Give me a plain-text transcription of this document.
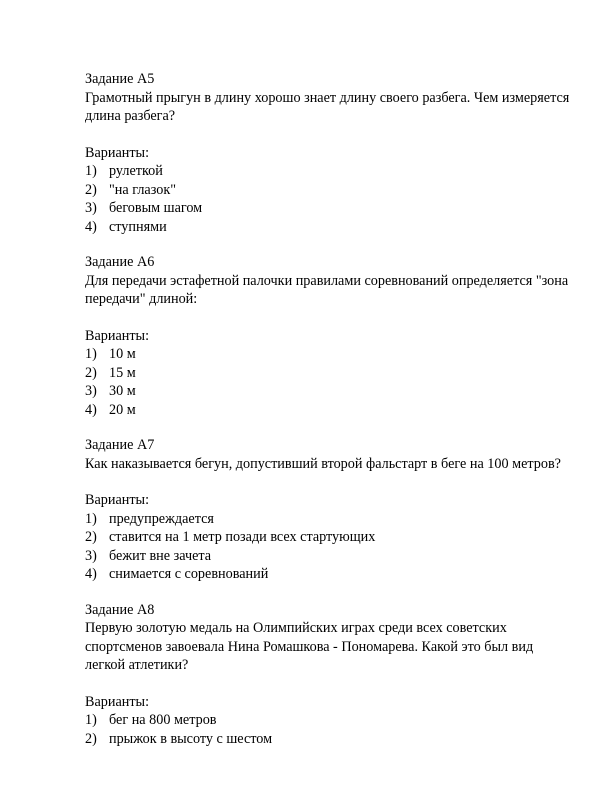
Задание А5

Грамотный прыгун в длину хорошо знает длину своего разбега. Чем измеряется длина разбега?

Варианты:

1) рулеткой
2) "на глазок"
3) беговым шагом
4) ступнями

Задание А6

Для передачи эстафетной палочки правилами соревнований определяется "зона передачи" длиной:

Варианты:

1) 10 м
2) 15 м
3) 30 м
4) 20 м

Задание А7

Как наказывается бегун, допустивший второй фальстарт в беге на 100 метров?

Варианты:

1) предупреждается
2) ставится на 1 метр позади всех стартующих
3) бежит вне зачета
4) снимается с соревнований

Задание А8

Первую золотую медаль на Олимпийских играх среди всех советских спортсменов завоевала Нина Ромашкова - Пономарева. Какой это был вид легкой атлетики?

Варианты:

1) бег на 800 метров
2) прыжок в высоту с шестом
